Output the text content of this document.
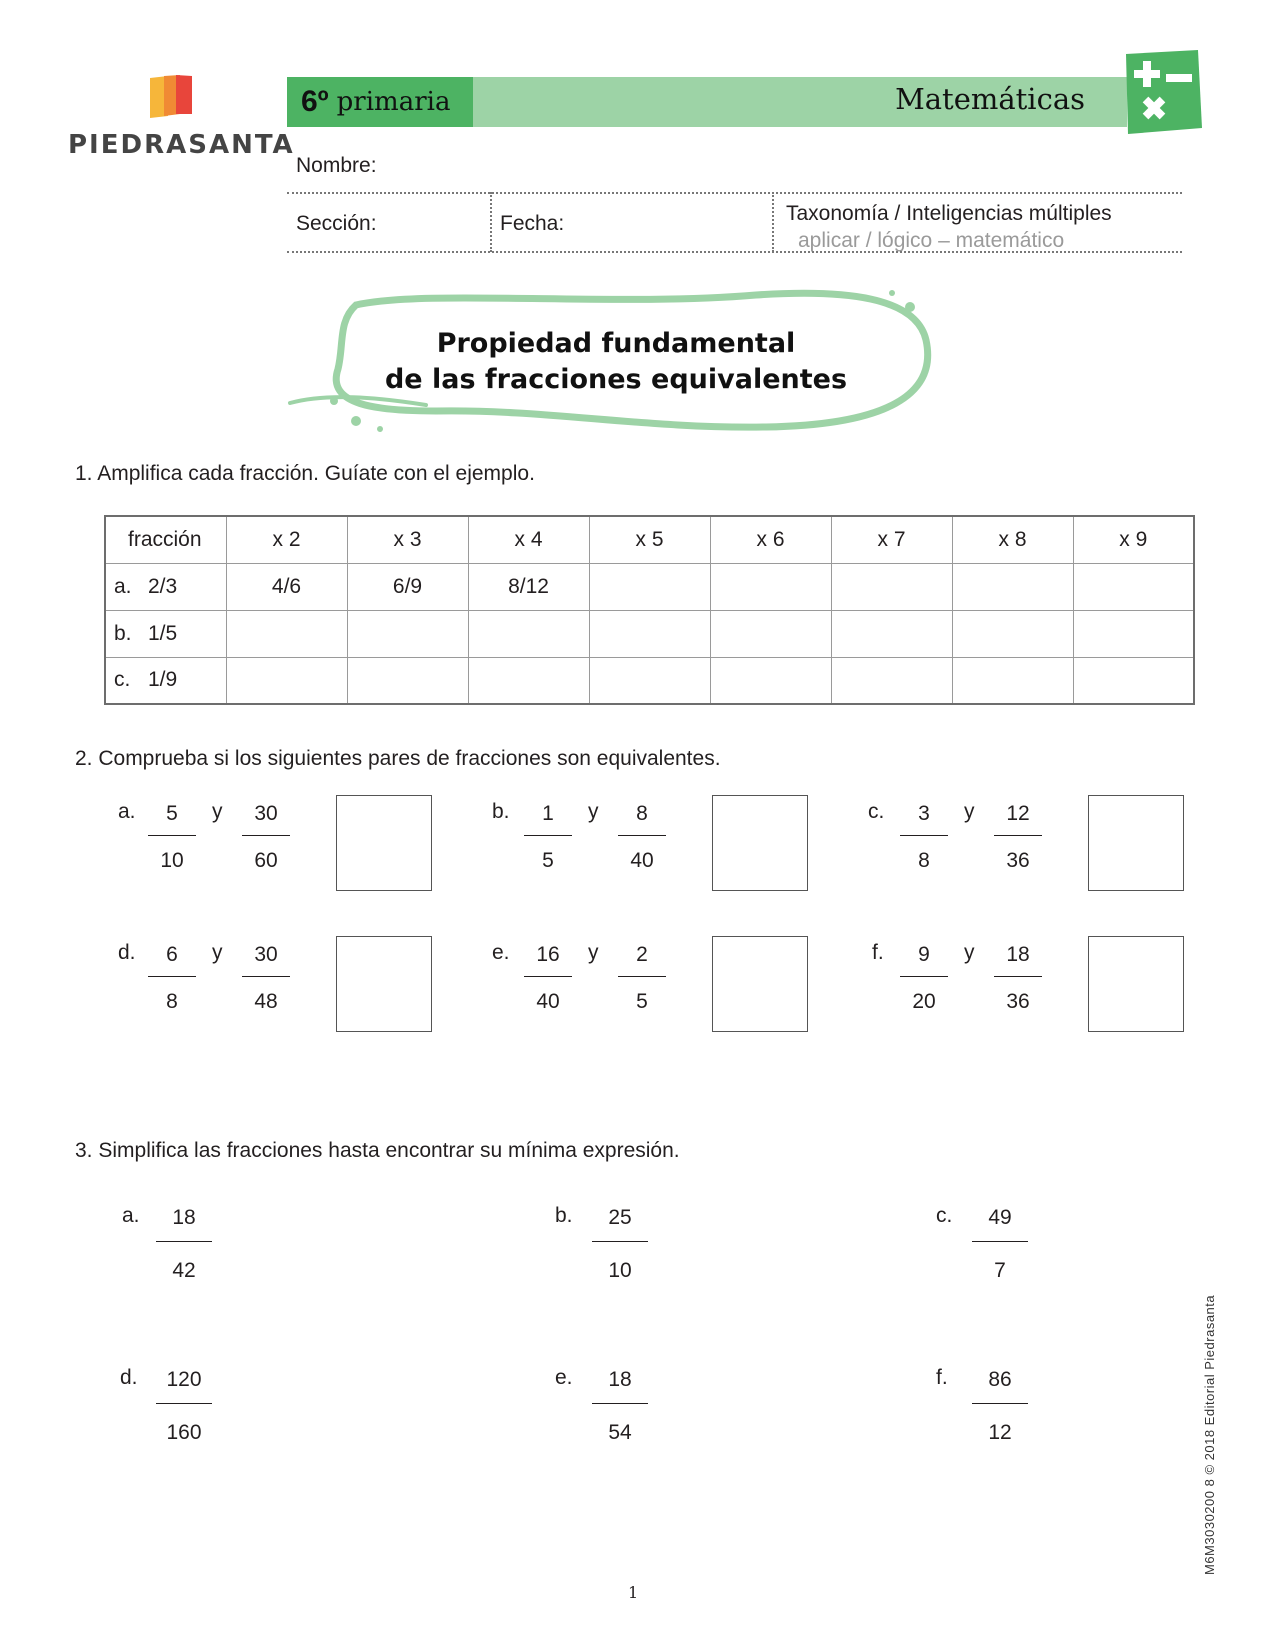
PIEDRASANTA
6º primaria	Matemáticas
Nombre:
Sección:	Fecha:	Taxonomía / Inteligencias múltiples
aplicar / lógico – matemático
Propiedad fundamental
de las fracciones equivalentes
1. Amplifica cada fracción. Guíate con el ejemplo.
fracción	x 2	x 3	x 4	x 5	x 6	x 7	x 8	x 9
a. 2/3	4/6	6/9	8/12					
b. 1/5								
c. 1/9								
2. Comprueba si los siguientes pares de fracciones son equivalentes.
a.	5
10
y	30
60
b.	1
5
y	8
40
c.	3
8
y	12
36
d.	6
8
y	30
48
e.	16
40
y	2
5
f.	9
20
y	18
36
3. Simplifica las fracciones hasta encontrar su mínima expresión.
a.	18
42
b.	25
10
c.	49
7
d.	120
160
e.	18
54
f.	86
12	M6M3030200 8 © 2018 Editorial Piedrasanta
1
